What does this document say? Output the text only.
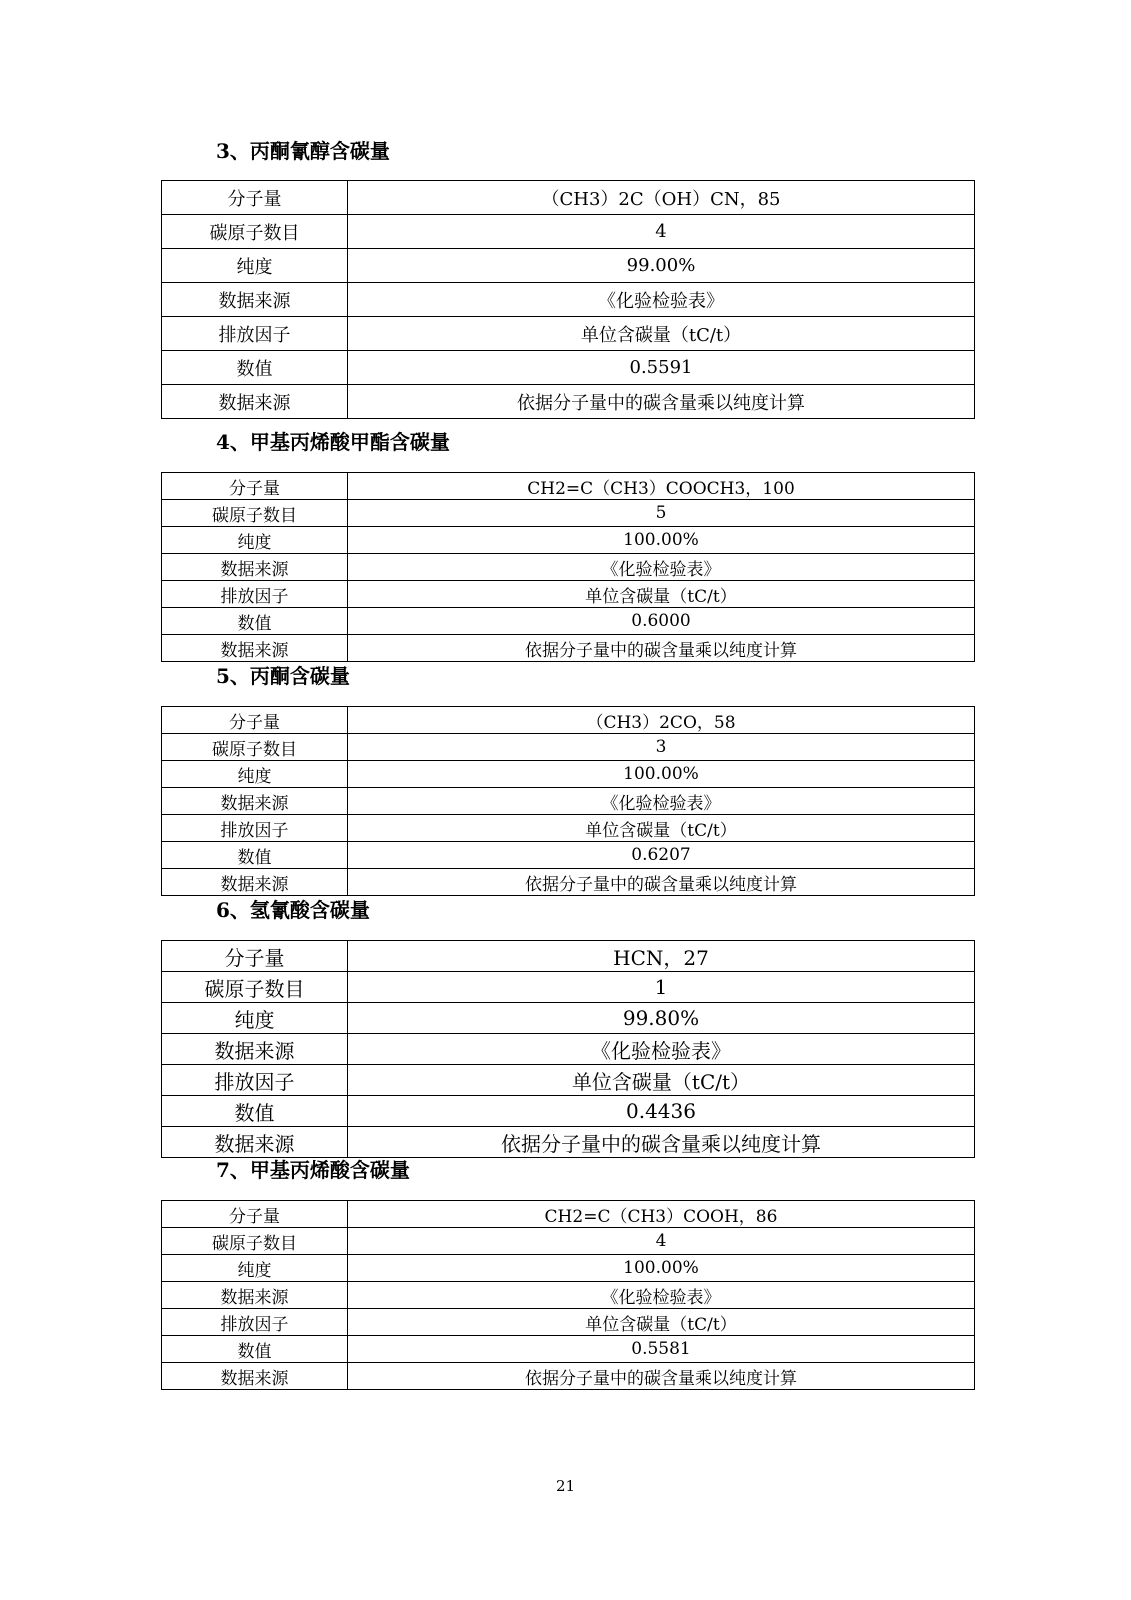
3、丙酮氰醇含碳量
分子量	（CH3）2C（OH）CN，85
碳原子数目	4
纯度	99.00%
数据来源	《化验检验表》
排放因子	单位含碳量（tC/t）
数值	0.5591
数据来源	依据分子量中的碳含量乘以纯度计算
4、甲基丙烯酸甲酯含碳量
分子量	CH2=C（CH3）COOCH3，100
碳原子数目	5
纯度	100.00%
数据来源	《化验检验表》
排放因子	单位含碳量（tC/t）
数值	0.6000
数据来源	依据分子量中的碳含量乘以纯度计算
5、丙酮含碳量
分子量	（CH3）2CO，58
碳原子数目	3
纯度	100.00%
数据来源	《化验检验表》
排放因子	单位含碳量（tC/t）
数值	0.6207
数据来源	依据分子量中的碳含量乘以纯度计算
6、氢氰酸含碳量
分子量	HCN，27
碳原子数目	1
纯度	99.80%
数据来源	《化验检验表》
排放因子	单位含碳量（tC/t）
数值	0.4436
数据来源	依据分子量中的碳含量乘以纯度计算
7、甲基丙烯酸含碳量
分子量	CH2=C（CH3）COOH，86
碳原子数目	4
纯度	100.00%
数据来源	《化验检验表》
排放因子	单位含碳量（tC/t）
数值	0.5581
数据来源	依据分子量中的碳含量乘以纯度计算
21
